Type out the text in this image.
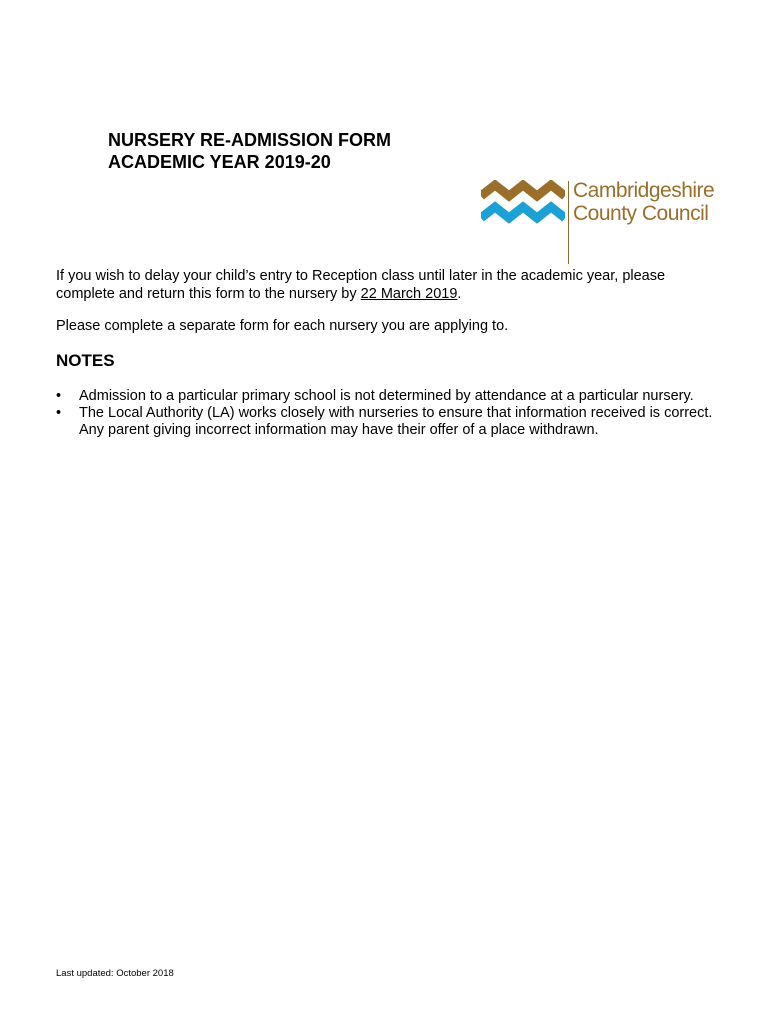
NURSERY RE-ADMISSION FORM
ACADEMIC YEAR 2019-20
Cambridgeshire
County Council

If you wish to delay your child’s entry to Reception class until later in the academic year, please complete and return this form to the nursery by 22 March 2019.

Please complete a separate form for each nursery you are applying to.

NOTES
• Admission to a particular primary school is not determined by attendance at a particular nursery.
• The Local Authority (LA) works closely with nurseries to ensure that information received is correct. Any parent giving incorrect information may have their offer of a place withdrawn.

Last updated: October 2018
